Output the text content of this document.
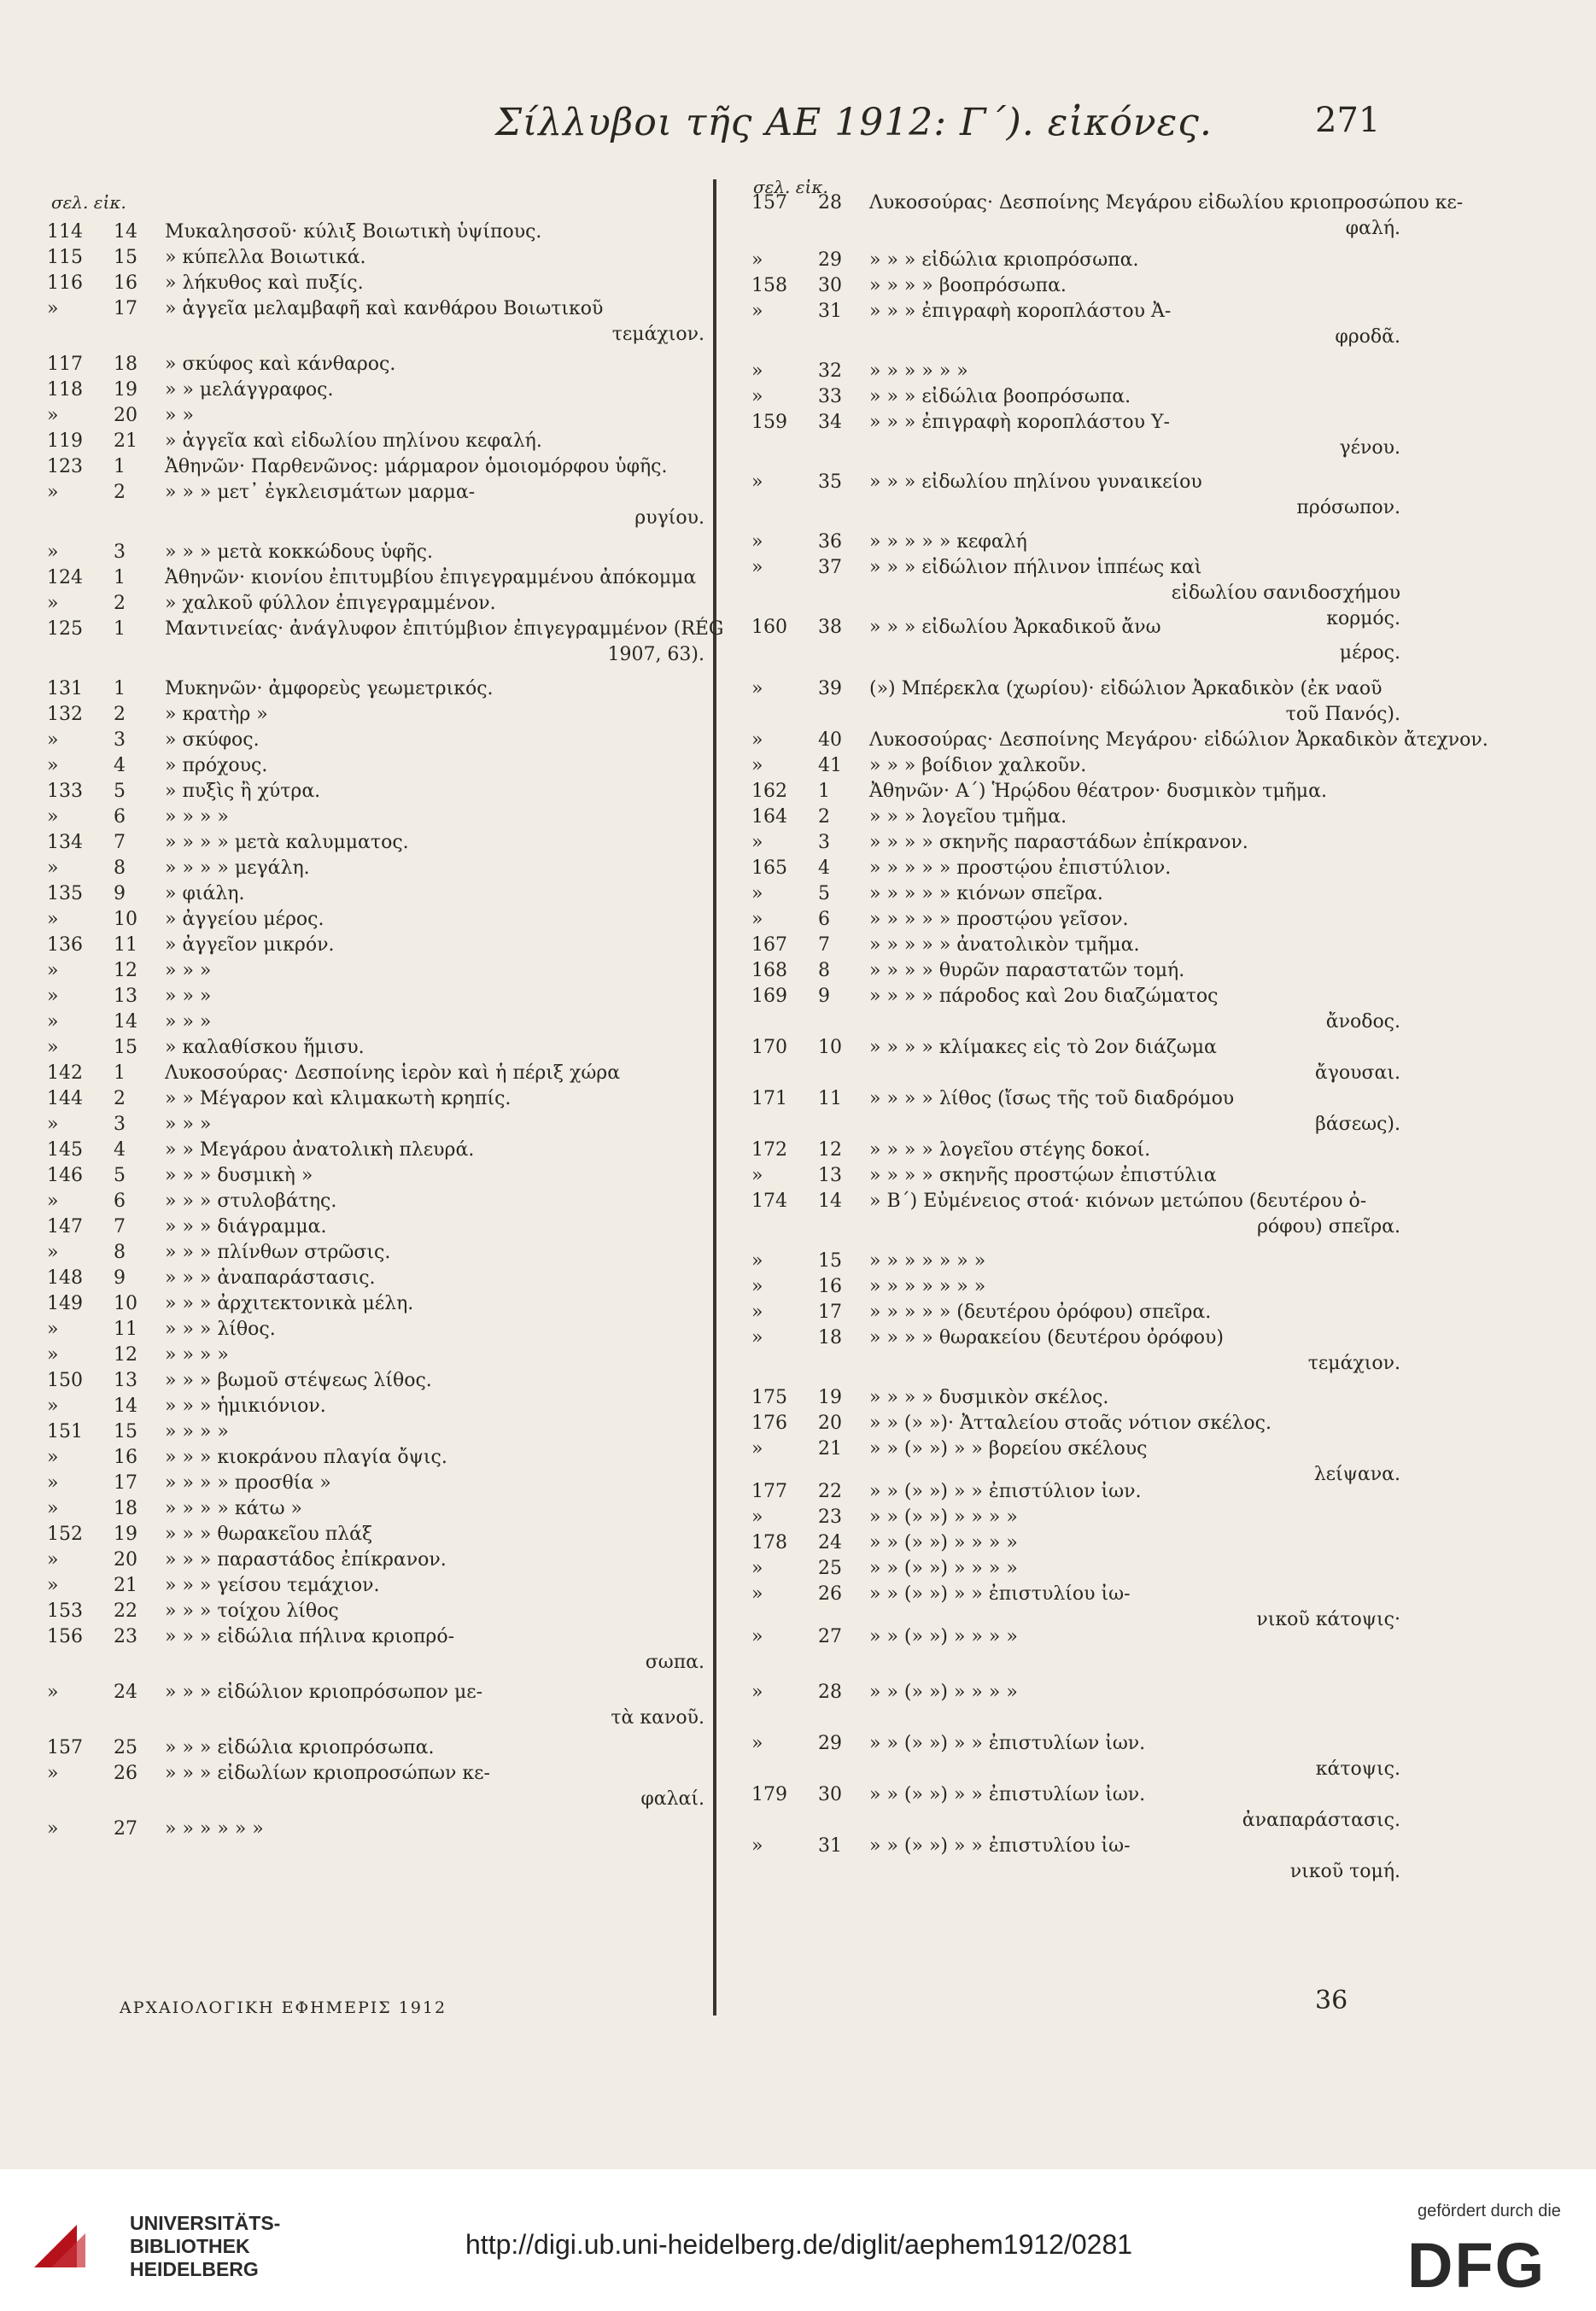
Σίλλυβοι τῆς ΑΕ 1912: Γ΄). εἰκόνες.	271
σελ. εἰκ.
σελ. εἰκ.
114	14	Μυκαλησσοῦ· κύλιξ Βοιωτικὴ ὑψίπους.
115	15	» κύπελλα Βοιωτικά.
116	16	» λήκυθος καὶ πυξίς.
»	17	» ἀγγεῖα μελαμβαφῆ καὶ κανθάρου Βοιωτικοῦ
τεμάχιον.
117	18	» σκύφος καὶ κάνθαρος.
118	19	» » μελάγγραφος.
»	20	» »
119	21	» ἀγγεῖα καὶ εἰδωλίου πηλίνου κεφαλή.
123	1	Ἀθηνῶν· Παρθενῶνος: μάρμαρον ὁμοιομόρφου ὑφῆς.
»	2	» » » μετ᾽ ἐγκλεισμάτων μαρμα-
ρυγίου.
»	3	» » » μετὰ κοκκώδους ὑφῆς.
124	1	Ἀθηνῶν· κιονίου ἐπιτυμβίου ἐπιγεγραμμένου ἀπόκομμα
»	2	» χαλκοῦ φύλλον ἐπιγεγραμμένον.
125	1	Μαντινείας· ἀνάγλυφον ἐπιτύμβιον ἐπιγεγραμμένον (RÉG
1907, 63).
131	1	Μυκηνῶν· ἀμφορεὺς γεωμετρικός.
132	2	» κρατὴρ »
»	3	» σκύφος.
»	4	» πρόχους.
133	5	» πυξὶς ἢ χύτρα.
»	6	» » » »
134	7	» » » » μετὰ καλυμματος.
»	8	» » » » μεγάλη.
135	9	» φιάλη.
»	10	» ἀγγείου μέρος.
136	11	» ἀγγεῖον μικρόν.
»	12	» » »
»	13	» » »
»	14	» » »
»	15	» καλαθίσκου ἥμισυ.
142	1	Λυκοσούρας· Δεσποίνης ἱερὸν καὶ ἡ πέριξ χώρα
144	2	» » Μέγαρον καὶ κλιμακωτὴ κρηπίς.
»	3	» » »
145	4	» » Μεγάρου ἀνατολικὴ πλευρά.
146	5	» » » δυσμικὴ »
»	6	» » » στυλοβάτης.
147	7	» » » διάγραμμα.
»	8	» » » πλίνθων στρῶσις.
148	9	» » » ἀναπαράστασις.
149	10	» » » ἀρχιτεκτονικὰ μέλη.
»	11	» » » λίθος.
»	12	» » » »
150	13	» » » βωμοῦ στέψεως λίθος.
»	14	» » » ἡμικιόνιον.
151	15	» » » »
»	16	» » » κιοκράνου πλαγία ὄψις.
»	17	» » » » προσθία »
»	18	» » » » κάτω »
152	19	» » » θωρακεῖου πλάξ
»	20	» » » παραστάδος ἐπίκρανον.
»	21	» » » γείσου τεμάχιον.
153	22	» » » τοίχου λίθος
156	23	» » » εἰδώλια πήλινα κριοπρό-
σωπα.
»	24	» » » εἰδώλιον κριοπρόσωπον με-
τὰ κανοῦ.
157	25	» » » εἰδώλια κριοπρόσωπα.
»	26	» » » εἰδωλίων κριοπροσώπων κε-
φαλαί.
»	27	» » » » » »
157	28	Λυκοσούρας· Δεσποίνης Μεγάρου εἰδωλίου κριοπροσώπου κε-
φαλή.
»	29	» » » εἰδώλια κριοπρόσωπα.
158	30	» » » » βοοπρόσωπα.
»	31	» » » ἐπιγραφὴ κοροπλάστου Ἀ-
φροδᾶ.
»	32	» » » » » »
»	33	» » » εἰδώλια βοοπρόσωπα.
159	34	» » » ἐπιγραφὴ κοροπλάστου Υ-
γένου.
»	35	» » » εἰδωλίου πηλίνου γυναικείου
πρόσωπον.
»	36	» » » » » κεφαλή
»	37	» » » εἰδώλιον πήλινον ἱππέως καὶ
εἰδωλίου σανιδοσχήμου
κορμός.
160	38	» » » εἰδωλίου Ἀρκαδικοῦ ἄνω
μέρος.
»	39	(») Μπέρεκλα (χωρίου)· εἰδώλιον Ἀρκαδικὸν (ἐκ ναοῦ
τοῦ Πανός).
»	40	Λυκοσούρας· Δεσποίνης Μεγάρου· εἰδώλιον Ἀρκαδικὸν ἄτεχνον.
»	41	» » » βοίδιον χαλκοῦν.
162	1	Ἀθηνῶν· Α΄) Ἡρῴδου θέατρον· δυσμικὸν τμῆμα.
164	2	» » » λογεῖου τμῆμα.
»	3	» » » » σκηνῆς παραστάδων ἐπίκρανον.
165	4	» » » » » προστῴου ἐπιστύλιον.
»	5	» » » » » κιόνων σπεῖρα.
»	6	» » » » » προστῴου γεῖσον.
167	7	» » » » » ἀνατολικὸν τμῆμα.
168	8	» » » » θυρῶν παραστατῶν τομή.
169	9	» » » » πάροδος καὶ 2ου διαζώματος
ἄνοδος.
170	10	» » » » κλίμακες εἰς τὸ 2ον διάζωμα
ἄγουσαι.
171	11	» » » » λίθος (ἴσως τῆς τοῦ διαδρόμου
βάσεως).
172	12	» » » » λογεῖου στέγης δοκοί.
»	13	» » » » σκηνῆς προστῴων ἐπιστύλια
174	14	» Β΄) Εὐμένειος στοά· κιόνων μετώπου (δευτέρου ὀ-
ρόφου) σπεῖρα.
»	15	» » » » » » »
»	16	» » » » » » »
»	17	» » » » » (δευτέρου ὀρόφου) σπεῖρα.
»	18	» » » » θωρακείου (δευτέρου ὀρόφου)
τεμάχιον.
175	19	» » » » δυσμικὸν σκέλος.
176	20	» » (» »)· Ἀτταλείου στοᾶς νότιον σκέλος.
»	21	» » (» ») » » βορείου σκέλους
λείψανα.
177	22	» » (» ») » » ἐπιστύλιον ἰων.
»	23	» » (» ») » » » »
178	24	» » (» ») » » » »
»	25	» » (» ») » » » »
»	26	» » (» ») » » ἐπιστυλίου ἰω-
νικοῦ κάτοψις·
»	27	» » (» ») » » » »
»	28	» » (» ») » » » »
»	29	» » (» ») » » ἐπιστυλίων ἰων.
κάτοψις.
179	30	» » (» ») » » ἐπιστυλίων ἰων.
ἀναπαράστασις.
»	31	» » (» ») » » ἐπιστυλίου ἰω-
νικοῦ τομή.
ΑΡΧΑΙΟΛΟΓΙΚΗ ΕΦΗΜΕΡΙΣ 1912	36
UNIVERSITÄTS-
BIBLIOTHEK
HEIDELBERG
http://digi.ub.uni-heidelberg.de/diglit/aephem1912/0281
gefördert durch die
DFG
